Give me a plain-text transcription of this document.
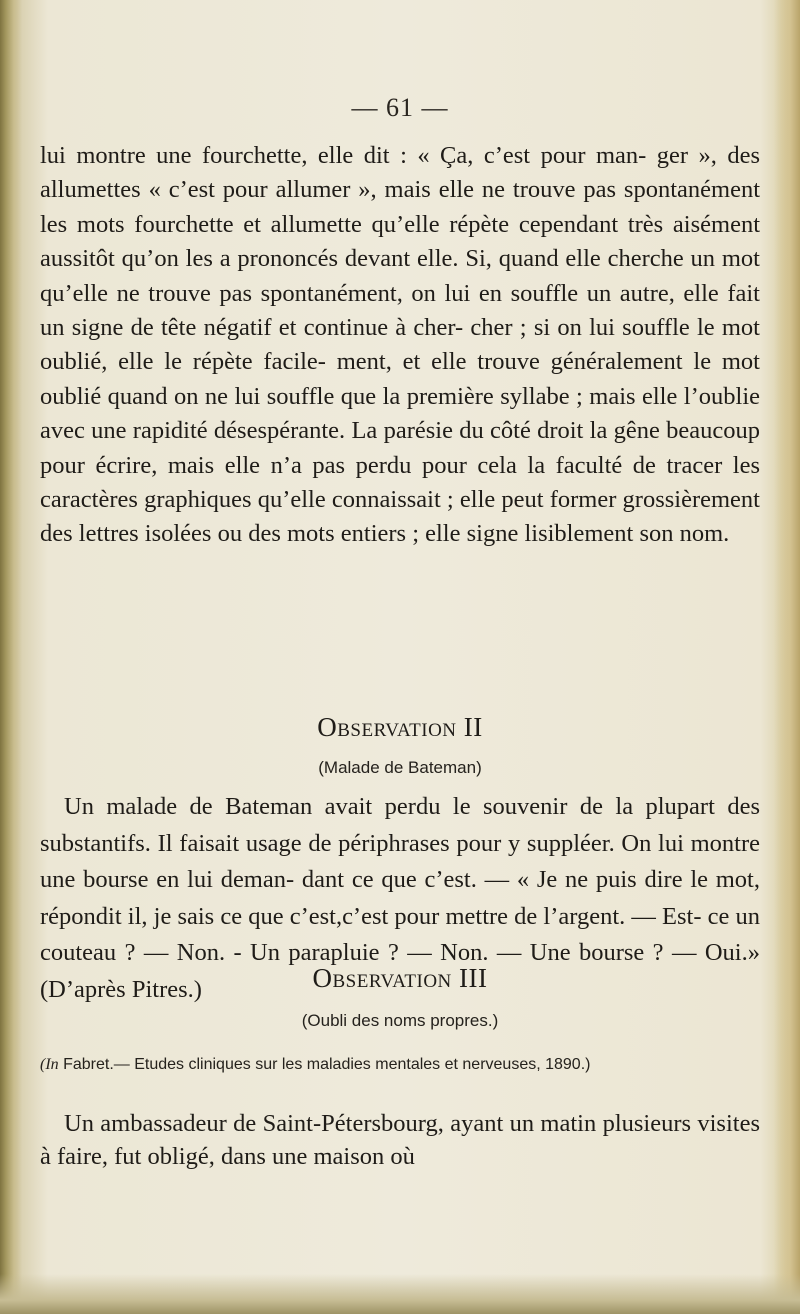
— 61 —

lui montre une fourchette, elle dit : « Ça, c’est pour man- ger », des allumettes « c’est pour allumer », mais elle ne trouve pas spontanément les mots fourchette et allumette qu’elle répète cependant très aisément aussitôt qu’on les a prononcés devant elle. Si, quand elle cherche un mot qu’elle ne trouve pas spontanément, on lui en souffle un autre, elle fait un signe de tête négatif et continue à cher- cher ; si on lui souffle le mot oublié, elle le répète facile- ment, et elle trouve généralement le mot oublié quand on ne lui souffle que la première syllabe ; mais elle l’oublie avec une rapidité désespérante. La parésie du côté droit la gêne beaucoup pour écrire, mais elle n’a pas perdu pour cela la faculté de tracer les caractères graphiques qu’elle connaissait ; elle peut former grossièrement des lettres isolées ou des mots entiers ; elle signe lisiblement son nom.

Observation II
(Malade de Bateman)

Un malade de Bateman avait perdu le souvenir de la plupart des substantifs. Il faisait usage de périphrases pour y suppléer. On lui montre une bourse en lui deman- dant ce que c’est. — « Je ne puis dire le mot, répondit il, je sais ce que c’est,c’est pour mettre de l’argent. — Est- ce un couteau ? — Non. - Un parapluie ? — Non. — Une bourse ? — Oui.» (D’après Pitres.)	Observation III
(Oubli des noms propres.)
(In Fabret.— Etudes cliniques sur les maladies mentales et nerveuses, 1890.)

Un ambassadeur de Saint-Pétersbourg, ayant un matin plusieurs visites à faire, fut obligé, dans une maison où
